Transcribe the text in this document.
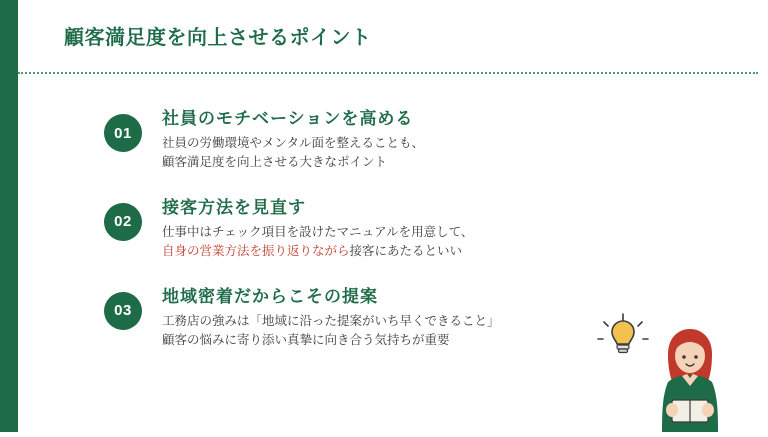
顧客満足度を向上させるポイント
01

社員のモチベーションを高める

社員の労働環境やメンタル面を整えることも、

顧客満足度を向上させる大きなポイント

02

接客方法を見直す

仕事中はチェック項目を設けたマニュアルを用意して、

自身の営業方法を振り返りながら接客にあたるといい

03

地域密着だからこその提案

工務店の強みは「地域に沿った提案がいち早くできること」

顧客の悩みに寄り添い真摯に向き合う気持ちが重要
